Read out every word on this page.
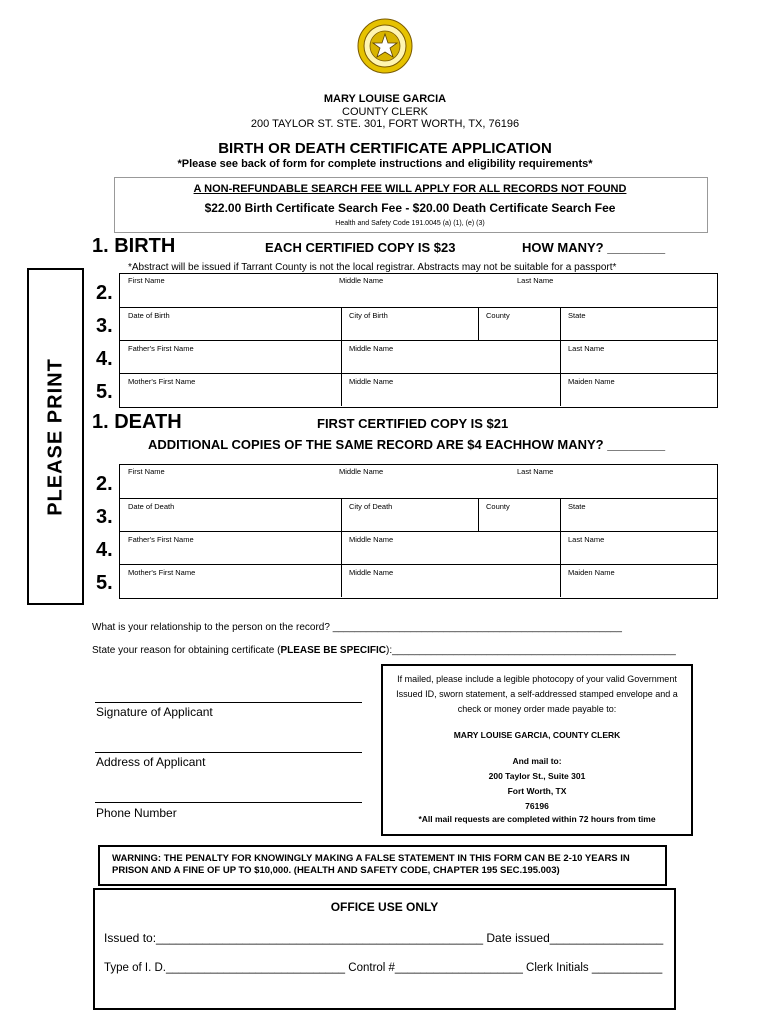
MARY LOUISE GARCIA
COUNTY CLERK
200 TAYLOR ST. STE. 301, FORT WORTH, TX, 76196
BIRTH OR DEATH CERTIFICATE APPLICATION
*Please see back of form for complete instructions and eligibility requirements*
A NON-REFUNDABLE SEARCH FEE WILL APPLY FOR ALL RECORDS NOT FOUND
$22.00 Birth Certificate Search Fee - $20.00 Death Certificate Search Fee
Health and Safety Code 191.0045 (a) (1), (e) (3)
PLEASE PRINT
1. BIRTH	EACH CERTIFIED COPY IS $23	HOW MANY? ________
*Abstract will be issued if Tarrant County is not the local registrar. Abstracts may not be suitable for a passport*
2.
3.
4.
5.
First Name	Middle Name	Last Name
Date of Birth	City of Birth	County	State
Father's First Name	Middle Name	Last Name
Mother's First Name	Middle Name	Maiden Name
1. DEATH	FIRST CERTIFIED COPY IS $21
ADDITIONAL COPIES OF THE SAME RECORD ARE $4 EACH HOW MANY? ________
2.
3.
4.
5.
First Name	Middle Name	Last Name
Date of Death	City of Death	County	State
Father's First Name	Middle Name	Last Name
Mother's First Name	Middle Name	Maiden Name
What is your relationship to the person on the record? ____________________________________________________
State your reason for obtaining certificate (PLEASE BE SPECIFIC):___________________________________________________
Signature of Applicant
Address of Applicant
Phone Number
If mailed, please include a legible photocopy of your valid Government
Issued ID, sworn statement, a self-addressed stamped envelope and a
check or money order made payable to:
MARY LOUISE GARCIA, COUNTY CLERK
And mail to:
200 Taylor St., Suite 301
Fort Worth, TX
76196
*All mail requests are completed within 72 hours from time
WARNING: THE PENALTY FOR KNOWINGLY MAKING A FALSE STATEMENT IN THIS FORM CAN BE 2-10 YEARS IN PRISON AND A FINE OF UP TO $10,000. (HEALTH AND SAFETY CODE, CHAPTER 195 SEC.195.003)
OFFICE USE ONLY
Issued to:_________________________________________________ Date issued_________________
Type of I. D.____________________________ Control #____________________ Clerk Initials ___________
